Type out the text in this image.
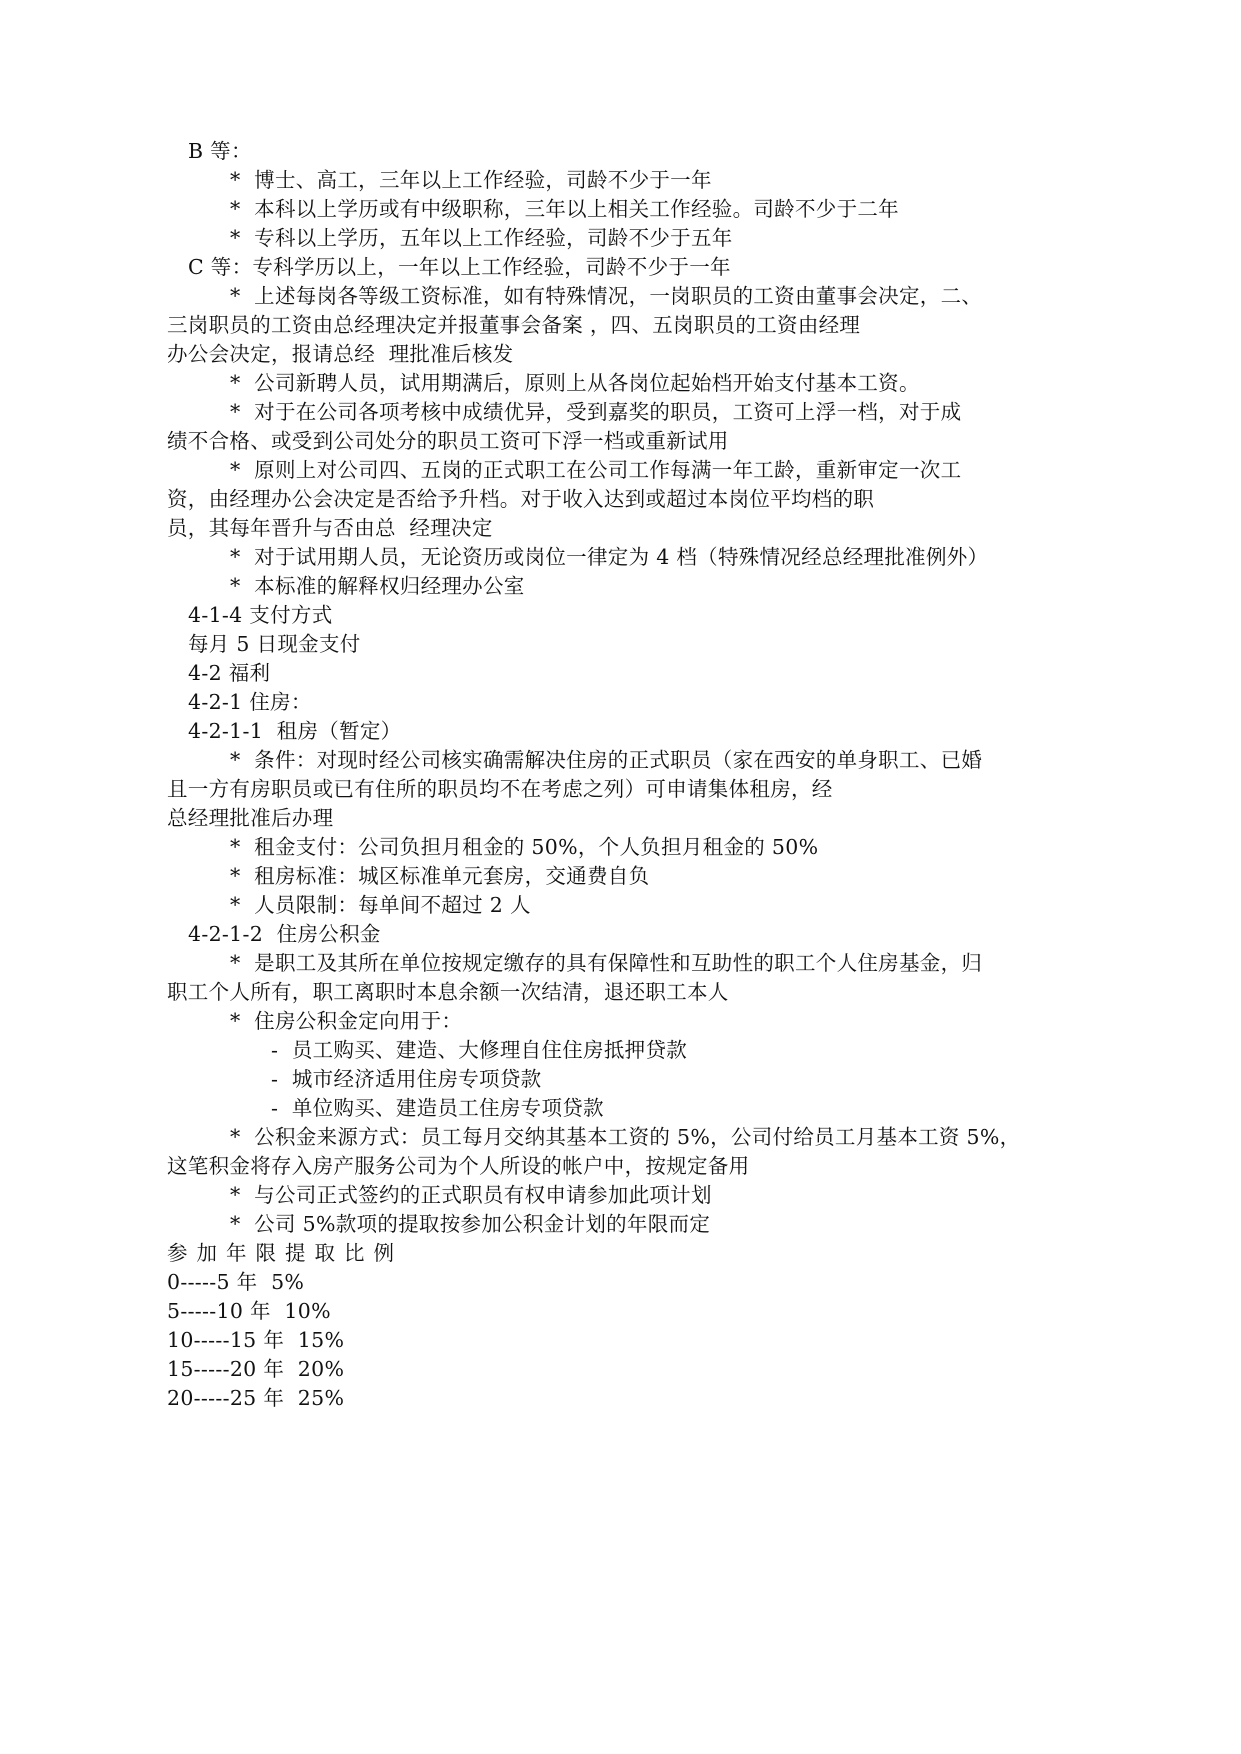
B 等：
*  博士、高工，三年以上工作经验，司龄不少于一年
*  本科以上学历或有中级职称，三年以上相关工作经验。司龄不少于二年
*  专科以上学历，五年以上工作经验，司龄不少于五年
C 等：专科学历以上，一年以上工作经验，司龄不少于一年
*  上述每岗各等级工资标准，如有特殊情况，一岗职员的工资由董事会决定，二、
三岗职员的工资由总经理决定并报董事会备案 ，四、五岗职员的工资由经理
办公会决定，报请总经  理批准后核发
*  公司新聘人员，试用期满后，原则上从各岗位起始档开始支付基本工资。
*  对于在公司各项考核中成绩优异，受到嘉奖的职员，工资可上浮一档，对于成
绩不合格、或受到公司处分的职员工资可下浮一档或重新试用
*  原则上对公司四、五岗的正式职工在公司工作每满一年工龄，重新审定一次工
资，由经理办公会决定是否给予升档。对于收入达到或超过本岗位平均档的职
员，其每年晋升与否由总  经理决定
*  对于试用期人员，无论资历或岗位一律定为 4 档（特殊情况经总经理批准例外）
*  本标准的解释权归经理办公室
4-1-4 支付方式
每月 5 日现金支付
4-2 福利
4-2-1 住房：
4-2-1-1  租房（暂定）
*  条件：对现时经公司核实确需解决住房的正式职员（家在西安的单身职工、已婚
且一方有房职员或已有住所的职员均不在考虑之列）可申请集体租房，经
总经理批准后办理
*  租金支付：公司负担月租金的 50%，个人负担月租金的 50%
*  租房标准：城区标准单元套房，交通费自负
*  人员限制：每单间不超过 2 人
4-2-1-2  住房公积金
*  是职工及其所在单位按规定缴存的具有保障性和互助性的职工个人住房基金，归
职工个人所有，职工离职时本息余额一次结清，退还职工本人
*  住房公积金定向用于：
-  员工购买、建造、大修理自住住房抵押贷款
-  城市经济适用住房专项贷款
-  单位购买、建造员工住房专项贷款
*  公积金来源方式：员工每月交纳其基本工资的 5%，公司付给员工月基本工资 5%，
这笔积金将存入房产服务公司为个人所设的帐户中，按规定备用
*  与公司正式签约的正式职员有权申请参加此项计划
*  公司 5%款项的提取按参加公积金计划的年限而定
参加年限提取比例
0-----5 年  5%
5-----10 年  10%
10-----15 年  15%
15-----20 年  20%
20-----25 年  25%
